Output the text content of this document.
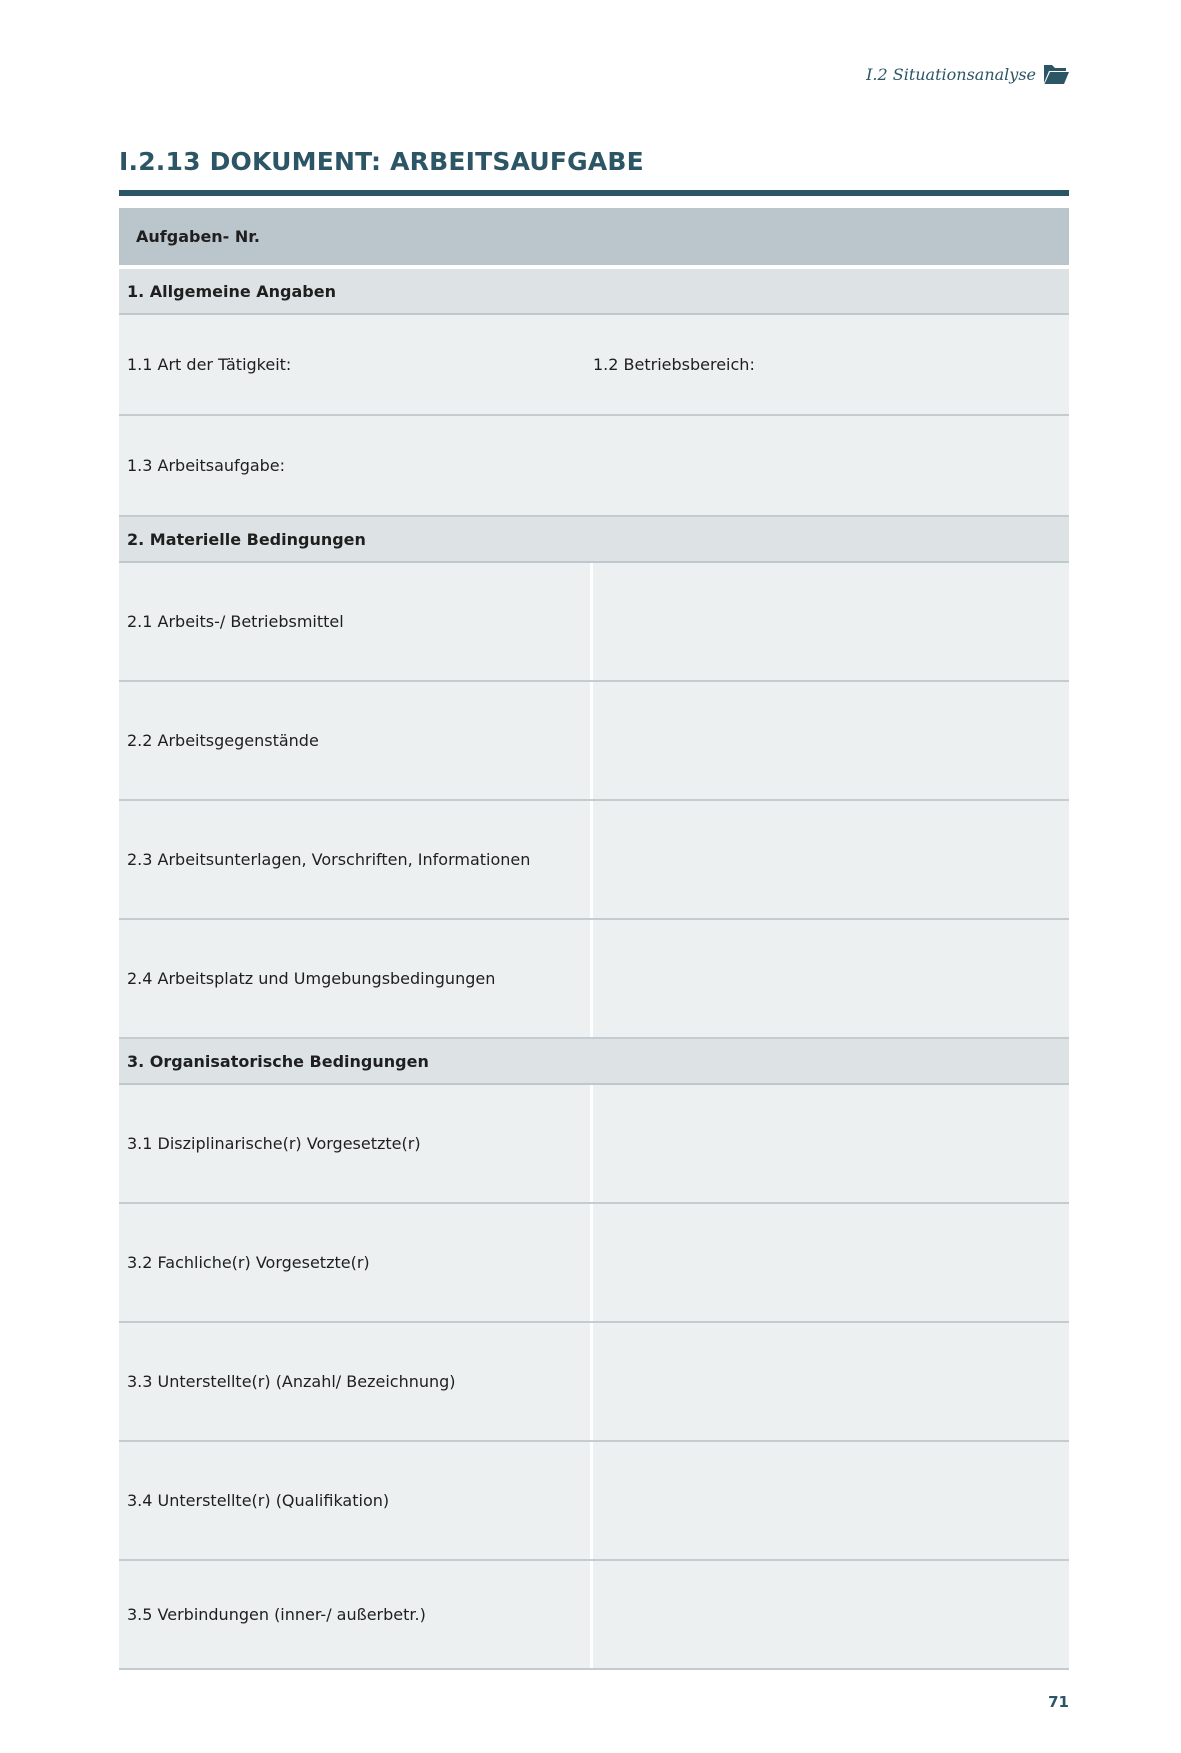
I.2 Situationsanalyse
I.2.13 DOKUMENT: ARBEITSAUFGABE
Aufgaben- Nr.
1. Allgemeine Angaben
1.1 Art der Tätigkeit:	1.2 Betriebsbereich:
1.3 Arbeitsaufgabe:
2. Materielle Bedingungen
2.1 Arbeits-/ Betriebsmittel
2.2 Arbeitsgegenstände
2.3 Arbeitsunterlagen, Vorschriften, Informationen
2.4 Arbeitsplatz und Umgebungsbedingungen
3. Organisatorische Bedingungen
3.1 Disziplinarische(r) Vorgesetzte(r)
3.2 Fachliche(r) Vorgesetzte(r)
3.3 Unterstellte(r) (Anzahl/ Bezeichnung)
3.4 Unterstellte(r) (Qualifikation)
3.5 Verbindungen (inner-/ außerbetr.)
71
